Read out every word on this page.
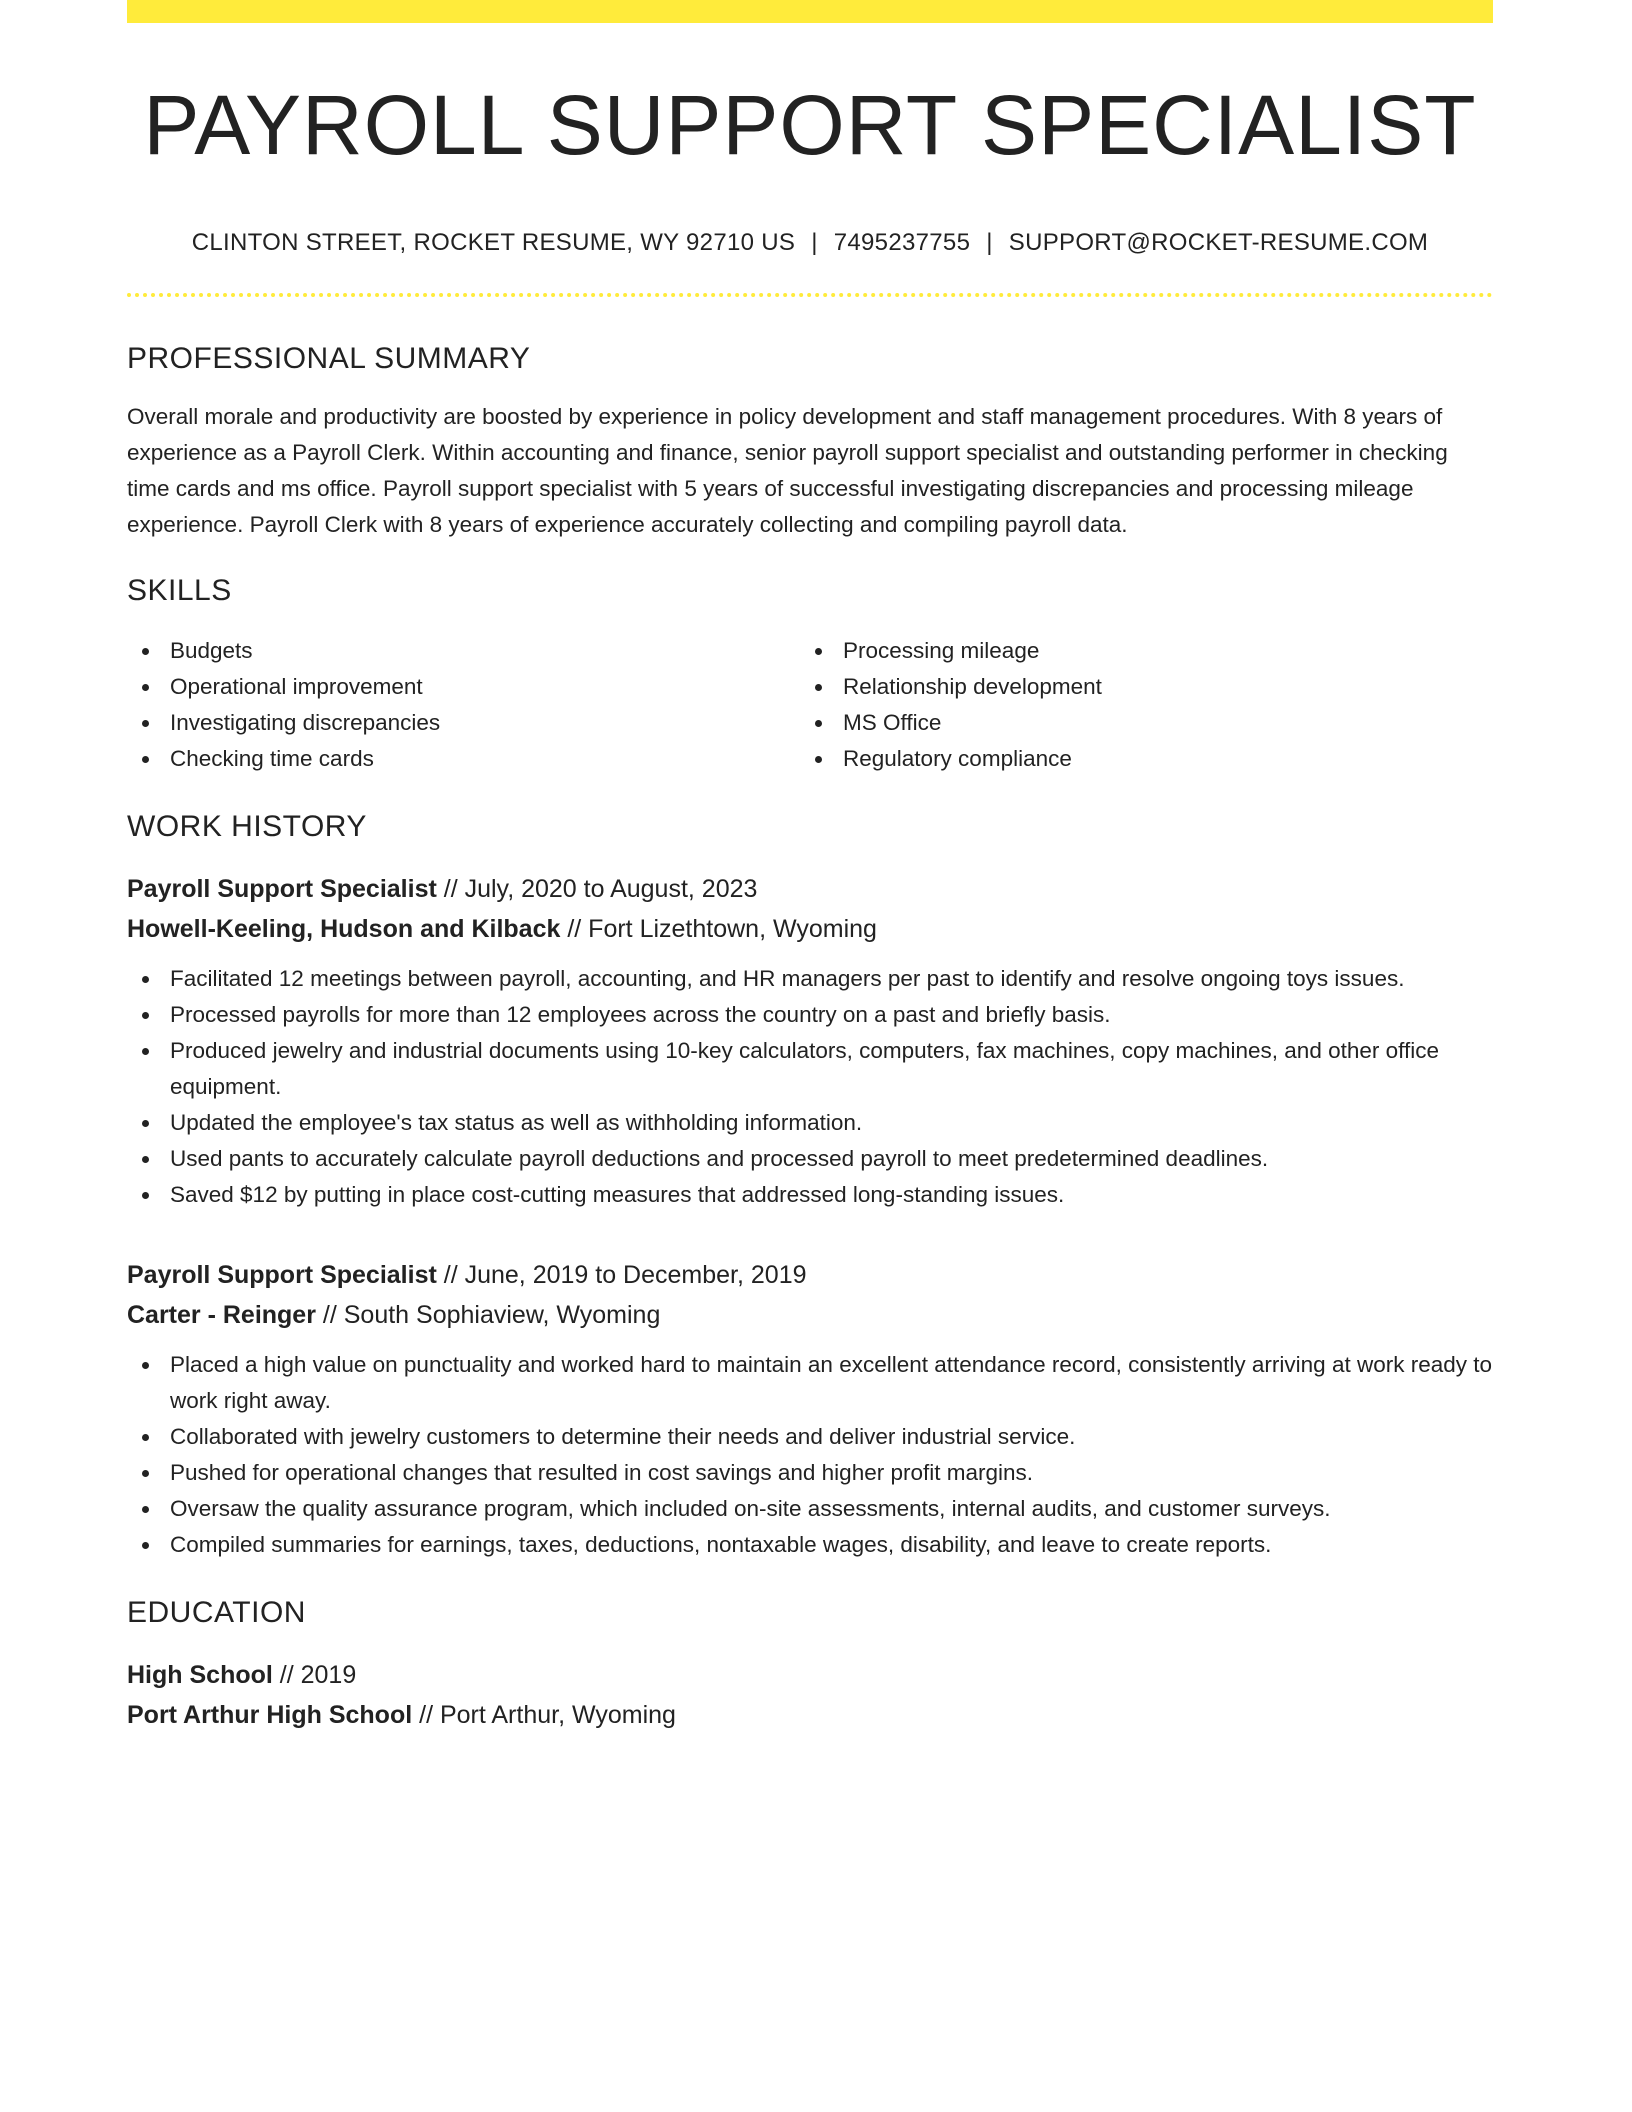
PAYROLL SUPPORT SPECIALIST
CLINTON STREET, ROCKET RESUME, WY 92710 US | 7495237755 | SUPPORT@ROCKET-RESUME.COM
PROFESSIONAL SUMMARY

Overall morale and productivity are boosted by experience in policy development and staff management procedures. With 8 years of experience as a Payroll Clerk. Within accounting and finance, senior payroll support specialist and outstanding performer in checking time cards and ms office. Payroll support specialist with 5 years of successful investigating discrepancies and processing mileage experience. Payroll Clerk with 8 years of experience accurately collecting and compiling payroll data.

SKILLS
Budgets
Operational improvement
Investigating discrepancies
Checking time cards
Processing mileage
Relationship development
MS Office
Regulatory compliance
WORK HISTORY
Payroll Support Specialist // July, 2020 to August, 2023
Howell-Keeling, Hudson and Kilback // Fort Lizethtown, Wyoming
Facilitated 12 meetings between payroll, accounting, and HR managers per past to identify and resolve ongoing toys issues.
Processed payrolls for more than 12 employees across the country on a past and briefly basis.
Produced jewelry and industrial documents using 10-key calculators, computers, fax machines, copy machines, and other office equipment.
Updated the employee's tax status as well as withholding information.
Used pants to accurately calculate payroll deductions and processed payroll to meet predetermined deadlines.
Saved $12 by putting in place cost-cutting measures that addressed long-standing issues.
Payroll Support Specialist // June, 2019 to December, 2019
Carter - Reinger // South Sophiaview, Wyoming
Placed a high value on punctuality and worked hard to maintain an excellent attendance record, consistently arriving at work ready to work right away.
Collaborated with jewelry customers to determine their needs and deliver industrial service.
Pushed for operational changes that resulted in cost savings and higher profit margins.
Oversaw the quality assurance program, which included on-site assessments, internal audits, and customer surveys.
Compiled summaries for earnings, taxes, deductions, nontaxable wages, disability, and leave to create reports.
EDUCATION
High School // 2019
Port Arthur High School // Port Arthur, Wyoming
